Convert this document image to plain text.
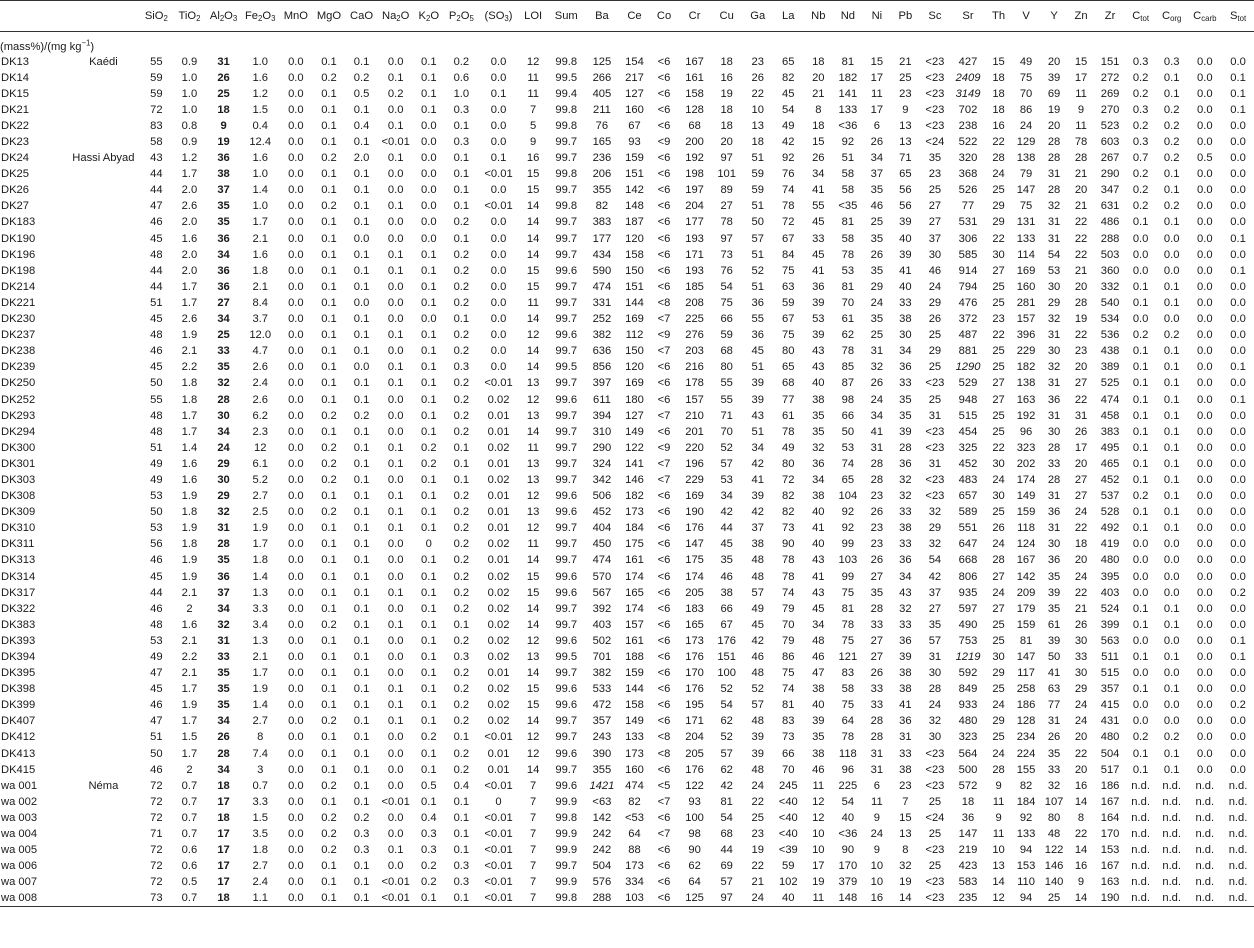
		SiO$_2$	TiO$_2$	$Al_2O_3$	$Fe_2O_3$	MnO	MgO	CaO	$Na_2O$	$K_2O$	$P_2O_5$	$(SO_3)$	LOI	Sum	Ba	Ce	Co	Cr	Cu	Ga	La	Nb	Nd	Ni	Pb	Sc	Sr	Th	V	Y	Zn	Zr	$C_{tot}$	$C_{org}$	$C_{carb}$	$S_{tot}$
(mass%)/(mg $kg^{-1}$)																																				
DK13	Kaédi	55	0.9	31	1.0	0.0	0.1	0.1	0.0	0.1	0.2	0.0	12	99.8	125	154	<6	167	18	23	65	18	81	15	21	<23	427	15	49	20	15	151	0.3	0.3	0.0	0.0
DK14		59	1.0	26	1.6	0.0	0.2	0.2	0.1	0.1	0.6	0.0	11	99.5	266	217	<6	161	16	26	82	20	182	17	25	<23	2409	18	75	39	17	272	0.2	0.1	0.0	0.1
DK15		59	1.0	25	1.2	0.0	0.1	0.5	0.2	0.1	1.0	0.1	11	99.4	405	127	<6	158	19	22	45	21	141	11	23	<23	3149	18	70	69	11	269	0.2	0.1	0.0	0.1
DK21		72	1.0	18	1.5	0.0	0.1	0.1	0.0	0.1	0.3	0.0	7	99.8	211	160	<6	128	18	10	54	8	133	17	9	<23	702	18	86	19	9	270	0.3	0.2	0.0	0.1
DK22		83	0.8	9	0.4	0.0	0.1	0.4	0.1	0.0	0.1	0.0	5	99.8	76	67	<6	68	18	13	49	18	<36	6	13	<23	238	16	24	20	11	523	0.2	0.2	0.0	0.0
DK23		58	0.9	19	12.4	0.0	0.1	0.1	<0.01	0.0	0.3	0.0	9	99.7	165	93	<9	200	20	18	42	15	92	26	13	<24	522	22	129	28	78	603	0.3	0.2	0.0	0.0
DK24	Hassi Abyad	43	1.2	36	1.6	0.0	0.2	2.0	0.1	0.0	0.1	0.1	16	99.7	236	159	<6	192	97	51	92	26	51	34	71	35	320	28	138	28	28	267	0.7	0.2	0.5	0.0
DK25		44	1.7	38	1.0	0.0	0.1	0.1	0.0	0.0	0.1	<0.01	15	99.8	206	151	<6	198	101	59	76	34	58	37	65	23	368	24	79	31	21	290	0.2	0.1	0.0	0.0
DK26		44	2.0	37	1.4	0.0	0.1	0.1	0.0	0.0	0.1	0.0	15	99.7	355	142	<6	197	89	59	74	41	58	35	56	25	526	25	147	28	20	347	0.2	0.1	0.0	0.0
DK27		47	2.6	35	1.0	0.0	0.2	0.1	0.1	0.0	0.1	<0.01	14	99.8	82	148	<6	204	27	51	78	55	<35	46	56	27	77	29	75	32	21	631	0.2	0.2	0.0	0.0
DK183		46	2.0	35	1.7	0.0	0.1	0.1	0.0	0.0	0.2	0.0	14	99.7	383	187	<6	177	78	50	72	45	81	25	39	27	531	29	131	31	22	486	0.1	0.1	0.0	0.0
DK190		45	1.6	36	2.1	0.0	0.1	0.0	0.0	0.0	0.1	0.0	14	99.7	177	120	<6	193	97	57	67	33	58	35	40	37	306	22	133	31	22	288	0.0	0.0	0.0	0.1
DK196		48	2.0	34	1.6	0.0	0.1	0.1	0.1	0.1	0.2	0.0	14	99.7	434	158	<6	171	73	51	84	45	78	26	39	30	585	30	114	54	22	503	0.0	0.0	0.0	0.0
DK198		44	2.0	36	1.8	0.0	0.1	0.1	0.1	0.1	0.2	0.0	15	99.6	590	150	<6	193	76	52	75	41	53	35	41	46	914	27	169	53	21	360	0.0	0.0	0.0	0.1
DK214		44	1.7	36	2.1	0.0	0.1	0.1	0.0	0.1	0.2	0.0	15	99.7	474	151	<6	185	54	51	63	36	81	29	40	24	794	25	160	30	20	332	0.1	0.1	0.0	0.0
DK221		51	1.7	27	8.4	0.0	0.1	0.0	0.0	0.1	0.2	0.0	11	99.7	331	144	<8	208	75	36	59	39	70	24	33	29	476	25	281	29	28	540	0.1	0.1	0.0	0.0
DK230		45	2.6	34	3.7	0.0	0.1	0.1	0.0	0.0	0.1	0.0	14	99.7	252	169	<7	225	66	55	67	53	61	35	38	26	372	23	157	32	19	534	0.0	0.0	0.0	0.0
DK237		48	1.9	25	12.0	0.0	0.1	0.1	0.1	0.1	0.2	0.0	12	99.6	382	112	<9	276	59	36	75	39	62	25	30	25	487	22	396	31	22	536	0.2	0.2	0.0	0.0
DK238		46	2.1	33	4.7	0.0	0.1	0.1	0.0	0.1	0.2	0.0	14	99.7	636	150	<7	203	68	45	80	43	78	31	34	29	881	25	229	30	23	438	0.1	0.1	0.0	0.0
DK239		45	2.2	35	2.6	0.0	0.1	0.0	0.1	0.1	0.3	0.0	14	99.5	856	120	<6	216	80	51	65	43	85	32	36	25	1290	25	182	32	20	389	0.1	0.1	0.0	0.1
DK250		50	1.8	32	2.4	0.0	0.1	0.1	0.1	0.1	0.2	<0.01	13	99.7	397	169	<6	178	55	39	68	40	87	26	33	<23	529	27	138	31	27	525	0.1	0.1	0.0	0.0
DK252		55	1.8	28	2.6	0.0	0.1	0.1	0.0	0.1	0.2	0.02	12	99.6	611	180	<6	157	55	39	77	38	98	24	35	25	948	27	163	36	22	474	0.1	0.1	0.0	0.1
DK293		48	1.7	30	6.2	0.0	0.2	0.2	0.0	0.1	0.2	0.01	13	99.7	394	127	<7	210	71	43	61	35	66	34	35	31	515	25	192	31	31	458	0.1	0.1	0.0	0.0
DK294		48	1.7	34	2.3	0.0	0.1	0.1	0.0	0.1	0.2	0.01	14	99.7	310	149	<6	201	70	51	78	35	50	41	39	<23	454	25	96	30	26	383	0.1	0.1	0.0	0.0
DK300		51	1.4	24	12	0.0	0.2	0.1	0.1	0.2	0.1	0.02	11	99.7	290	122	<9	220	52	34	49	32	53	31	28	<23	325	22	323	28	17	495	0.1	0.1	0.0	0.0
DK301		49	1.6	29	6.1	0.0	0.2	0.1	0.1	0.2	0.1	0.01	13	99.7	324	141	<7	196	57	42	80	36	74	28	36	31	452	30	202	33	20	465	0.1	0.1	0.0	0.0
DK303		49	1.6	30	5.2	0.0	0.2	0.1	0.0	0.1	0.1	0.02	13	99.7	342	146	<7	229	53	41	72	34	65	28	32	<23	483	24	174	28	27	452	0.1	0.1	0.0	0.0
DK308		53	1.9	29	2.7	0.0	0.1	0.1	0.1	0.1	0.2	0.01	12	99.6	506	182	<6	169	34	39	82	38	104	23	32	<23	657	30	149	31	27	537	0.2	0.1	0.0	0.0
DK309		50	1.8	32	2.5	0.0	0.2	0.1	0.1	0.1	0.2	0.01	13	99.6	452	173	<6	190	42	42	82	40	92	26	33	32	589	25	159	36	24	528	0.1	0.1	0.0	0.0
DK310		53	1.9	31	1.9	0.0	0.1	0.1	0.1	0.1	0.2	0.01	12	99.7	404	184	<6	176	44	37	73	41	92	23	38	29	551	26	118	31	22	492	0.1	0.1	0.0	0.0
DK311		56	1.8	28	1.7	0.0	0.1	0.1	0.0	0	0.2	0.02	11	99.7	450	175	<6	147	45	38	90	40	99	23	33	32	647	24	124	30	18	419	0.0	0.0	0.0	0.0
DK313		46	1.9	35	1.8	0.0	0.1	0.1	0.0	0.1	0.2	0.01	14	99.7	474	161	<6	175	35	48	78	43	103	26	36	54	668	28	167	36	20	480	0.0	0.0	0.0	0.0
DK314		45	1.9	36	1.4	0.0	0.1	0.1	0.0	0.1	0.2	0.02	15	99.6	570	174	<6	174	46	48	78	41	99	27	34	42	806	27	142	35	24	395	0.0	0.0	0.0	0.0
DK317		44	2.1	37	1.3	0.0	0.1	0.1	0.1	0.1	0.2	0.02	15	99.6	567	165	<6	205	38	57	74	43	75	35	43	37	935	24	209	39	22	403	0.0	0.0	0.0	0.2
DK322		46	2	34	3.3	0.0	0.1	0.1	0.0	0.1	0.2	0.02	14	99.7	392	174	<6	183	66	49	79	45	81	28	32	27	597	27	179	35	21	524	0.1	0.1	0.0	0.0
DK383		48	1.6	32	3.4	0.0	0.2	0.1	0.1	0.1	0.1	0.02	14	99.7	403	157	<6	165	67	45	70	34	78	33	33	35	490	25	159	61	26	399	0.1	0.1	0.0	0.0
DK393		53	2.1	31	1.3	0.0	0.1	0.1	0.0	0.1	0.2	0.02	12	99.6	502	161	<6	173	176	42	79	48	75	27	36	57	753	25	81	39	30	563	0.0	0.0	0.0	0.1
DK394		49	2.2	33	2.1	0.0	0.1	0.1	0.0	0.1	0.3	0.02	13	99.5	701	188	<6	176	151	46	86	46	121	27	39	31	1219	30	147	50	33	511	0.1	0.1	0.0	0.1
DK395		47	2.1	35	1.7	0.0	0.1	0.1	0.0	0.1	0.2	0.01	14	99.7	382	159	<6	170	100	48	75	47	83	26	38	30	592	29	117	41	30	515	0.0	0.0	0.0	0.0
DK398		45	1.7	35	1.9	0.0	0.1	0.1	0.1	0.1	0.2	0.02	15	99.6	533	144	<6	176	52	52	74	38	58	33	38	28	849	25	258	63	29	357	0.1	0.1	0.0	0.0
DK399		46	1.9	35	1.4	0.0	0.1	0.1	0.1	0.1	0.2	0.02	15	99.6	472	158	<6	195	54	57	81	40	75	33	41	24	933	24	186	77	24	415	0.0	0.0	0.0	0.2
DK407		47	1.7	34	2.7	0.0	0.2	0.1	0.1	0.1	0.2	0.02	14	99.7	357	149	<6	171	62	48	83	39	64	28	36	32	480	29	128	31	24	431	0.0	0.0	0.0	0.0
DK412		51	1.5	26	8	0.0	0.1	0.1	0.0	0.2	0.1	<0.01	12	99.7	243	133	<8	204	52	39	73	35	78	28	31	30	323	25	234	26	20	480	0.2	0.2	0.0	0.0
DK413		50	1.7	28	7.4	0.0	0.1	0.1	0.0	0.1	0.2	0.01	12	99.6	390	173	<8	205	57	39	66	38	118	31	33	<23	564	24	224	35	22	504	0.1	0.1	0.0	0.0
DK415		46	2	34	3	0.0	0.1	0.1	0.0	0.1	0.2	0.01	14	99.7	355	160	<6	176	62	48	70	46	96	31	38	<23	500	28	155	33	20	517	0.1	0.1	0.0	0.0
wa 001	Néma	72	0.7	18	0.7	0.0	0.2	0.1	0.0	0.5	0.4	<0.01	7	99.6	1421	474	<5	122	42	24	245	11	225	6	23	<23	572	9	82	32	16	186	n.d.	n.d.	n.d.	n.d.
wa 002		72	0.7	17	3.3	0.0	0.1	0.1	<0.01	0.1	0.1	0	7	99.9	<63	82	<7	93	81	22	<40	12	54	11	7	25	18	11	184	107	14	167	n.d.	n.d.	n.d.	n.d.
wa 003		72	0.7	18	1.5	0.0	0.2	0.2	0.0	0.4	0.1	<0.01	7	99.8	142	<53	<6	100	54	25	<40	12	40	9	15	<24	36	9	92	80	8	164	n.d.	n.d.	n.d.	n.d.
wa 004		71	0.7	17	3.5	0.0	0.2	0.3	0.0	0.3	0.1	<0.01	7	99.9	242	64	<7	98	68	23	<40	10	<36	24	13	25	147	11	133	48	22	170	n.d.	n.d.	n.d.	n.d.
wa 005		72	0.6	17	1.8	0.0	0.2	0.3	0.1	0.3	0.1	<0.01	7	99.9	242	88	<6	90	44	19	<39	10	90	9	8	<23	219	10	94	122	14	153	n.d.	n.d.	n.d.	n.d.
wa 006		72	0.6	17	2.7	0.0	0.1	0.1	0.0	0.2	0.3	<0.01	7	99.7	504	173	<6	62	69	22	59	17	170	10	32	25	423	13	153	146	16	167	n.d.	n.d.	n.d.	n.d.
wa 007		72	0.5	17	2.4	0.0	0.1	0.1	<0.01	0.2	0.3	<0.01	7	99.9	576	334	<6	64	57	21	102	19	379	10	19	<23	583	14	110	140	9	163	n.d.	n.d.	n.d.	n.d.
wa 008		73	0.7	18	1.1	0.0	0.1	0.1	<0.01	0.1	0.1	<0.01	7	99.8	288	103	<6	125	97	24	40	11	148	16	14	<23	235	12	94	25	14	190	n.d.	n.d.	n.d.	n.d.
